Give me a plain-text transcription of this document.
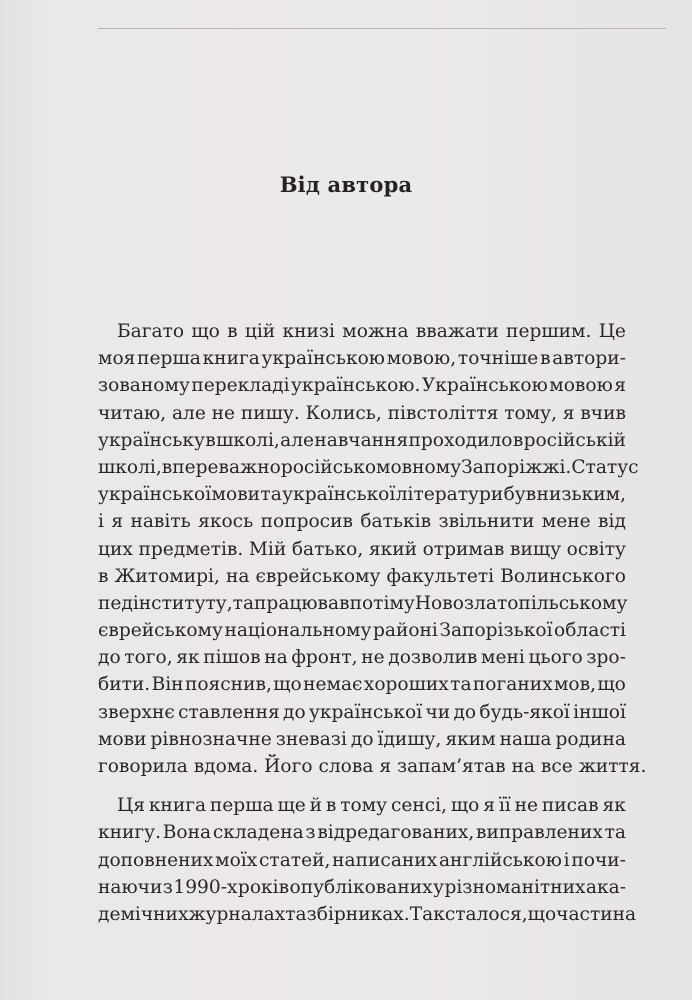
Від автора
Багато що в цій книзі можна вважати першим. Це
моя перша книга українською мовою, точніше в автори-
зованому перекладі українською. Українською мовою я
читаю, але не пишу. Колись, півстоліття тому, я вчив
українську в школі, але навчання проходило в російській
школі, в переважно російськомовному Запоріжжі. Статус
української мови та української літератури був низьким,
і я навіть якось попросив батьків звільнити мене від
цих предметів. Мій батько, який отримав вищу освіту
в Житомирі, на єврейському факультеті Волинського
педінституту, та працював потім у Новозлатопільському
єврейському національному районі Запорізької області
до того, як пішов на фронт, не дозволив мені цього зро-
бити. Він пояснив, що немає хороших та поганих мов, що
зверхнє ставлення до української чи до будь-якої іншої
мови рівнозначне зневазі до їдишу, яким наша родина
говорила вдома. Його слова я запам’ятав на все життя.
Ця книга перша ще й в тому сенсі, що я її не писав як
книгу. Вона складена з відредагованих, виправлених та
доповнених моїх статей, написаних англійською і почи-
наючи з 1990-х років опублікованих у різноманітних ака-
демічних журналах та збірниках. Так сталося, що частина
